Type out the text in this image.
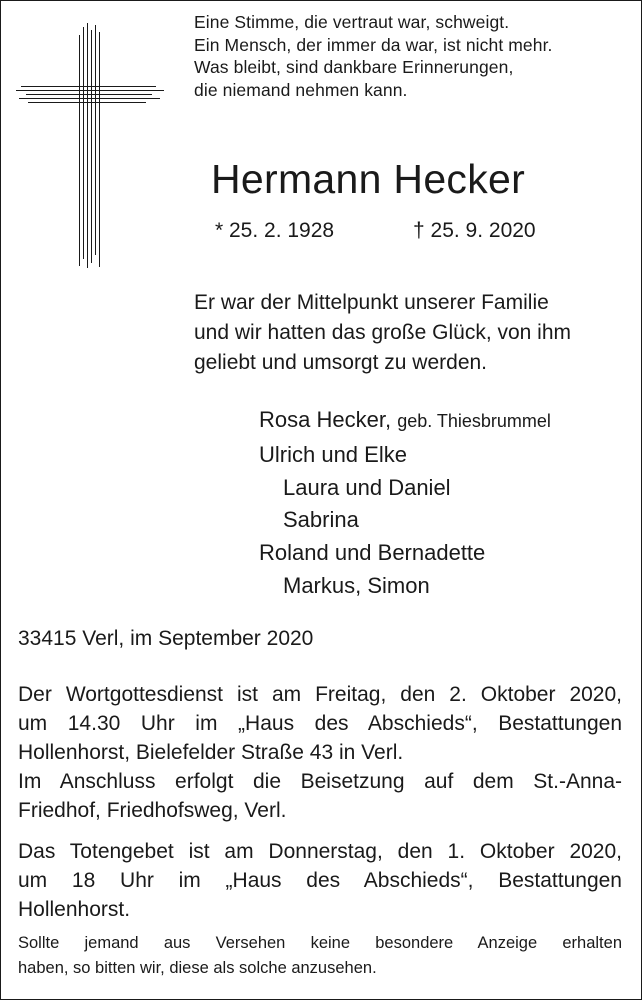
Eine Stimme, die vertraut war, schweigt.
Ein Mensch, der immer da war, ist nicht mehr.
Was bleibt, sind dankbare Erinnerungen,
die niemand nehmen kann.
Hermann Hecker
* 25. 2. 1928	† 25. 9. 2020
Er war der Mittelpunkt unserer Familie
und wir hatten das große Glück, von ihm
geliebt und umsorgt zu werden.
Rosa Hecker, geb. Thiesbrummel
Ulrich und Elke
Laura und Daniel
Sabrina
Roland und Bernadette
Markus, Simon
33415 Verl, im September 2020
Der Wortgottesdienst ist am Freitag, den 2. Oktober 2020,
um 14.30 Uhr im „Haus des Abschieds“, Bestattungen
Hollenhorst, Bielefelder Straße 43 in Verl.
Im Anschluss erfolgt die Beisetzung auf dem St.-Anna-
Friedhof, Friedhofsweg, Verl.
Das Totengebet ist am Donnerstag, den 1. Oktober 2020,
um 18 Uhr im „Haus des Abschieds“, Bestattungen
Hollenhorst.
Sollte jemand aus Versehen keine besondere Anzeige erhalten
haben, so bitten wir, diese als solche anzusehen.
